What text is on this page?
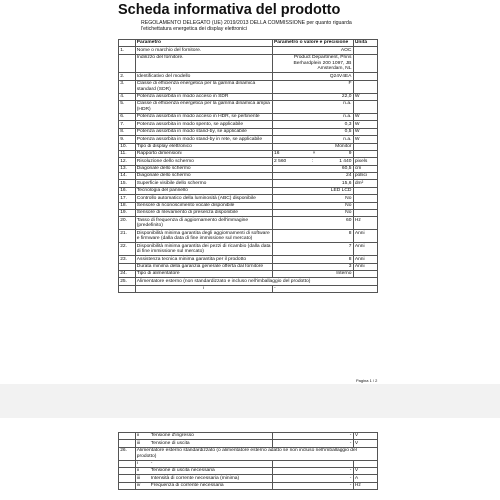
Scheda informativa del prodotto
REGOLAMENTO DELEGATO (UE) 2019/2013 DELLA COMMISSIONE per quanto riguarda l'etichettatura energetica dei display elettronici
	Parametro	Parametro o valore e precisione	Unità
1.	Nome o marchio del fornitore.	AOC	
	Indirizzo del fornitore.	Product Department, Prins Berhardplein 200 1097, JB Amsterdam, NL	
2.	Identificativo del modello	Q24V4EA	
3.	Classe di efficienza energetica per la gamma dinamica standard (SDR)	F	
4.	Potenza assorbita in modo acceso in SDR	22,0	W
5.	Classe di efficienza energetica per la gamma dinamica ampia (HDR)	n.a.	
6.	Potenza assorbita in modo acceso in HDR, se pertinente	n.a.	W
7.	Potenza assorbita in modo spento, se applicabile	0,3	W
8.	Potenza assorbita in modo stand-by, se applicabile	0,5	W
9.	Potenza assorbita in modo stand-by in rete, se applicabile	n.a.	W
10.	Tipo di display elettronico	Monitor	
11.	Rapporto dimensioni	16 × 9	

12.	Risoluzione dello schermo	2 560 : 1 440	pixels
13.	Diagonale dello schermo	60,5	cm
14.	Diagonale dello schermo	24	pollici
15.	Superficie visibile dello schermo	15,6	dm²
16.	Tecnologia del pannello	LED LCD	
17.	Controllo automatico della luminosità (ABC) disponibile	No	
18.	Sensore di riconoscimento vocale disponibile	No	
19.	Sensore di rilevamento di presenza disponibile	No	
20.	Tasso di frequenza di aggiornamento dell'immagine (predefinito)	60	Hz
21.	Disponibilità minima garantita degli aggiornamenti di software e firmware (dalla data di fine immissione sul mercato)	8	Anni
22.	Disponibilità minima garantita dei pezzi di ricambio (dalla data di fine immissione sul mercato)	7	Anni
23.	Assistenza tecnica minima garantita per il prodotto	8	Anni
	Durata minima della garanzia generale offerta dal fornitore	3	Anni
24.	Tipo di alimentatore	Interno	
25.	Alimentatore esterno (non standardizzato e incluso nell'imballaggio del prodotto)		
	i	-	
Pagina 1 / 2
	ii Tensione d'ingresso	-	V
	iii Tensione di uscita	-	V
26.	Alimentatore esterno standardizzato (o alimentatore esterno adatto se non incluso nell'imballaggio del prodotto)		
	i -		
	ii Tensione di uscita necessaria	-	V
	iii Intensità di corrente necessaria (minima)	-	A
	iv Frequenza di corrente necessaria	-	Hz
